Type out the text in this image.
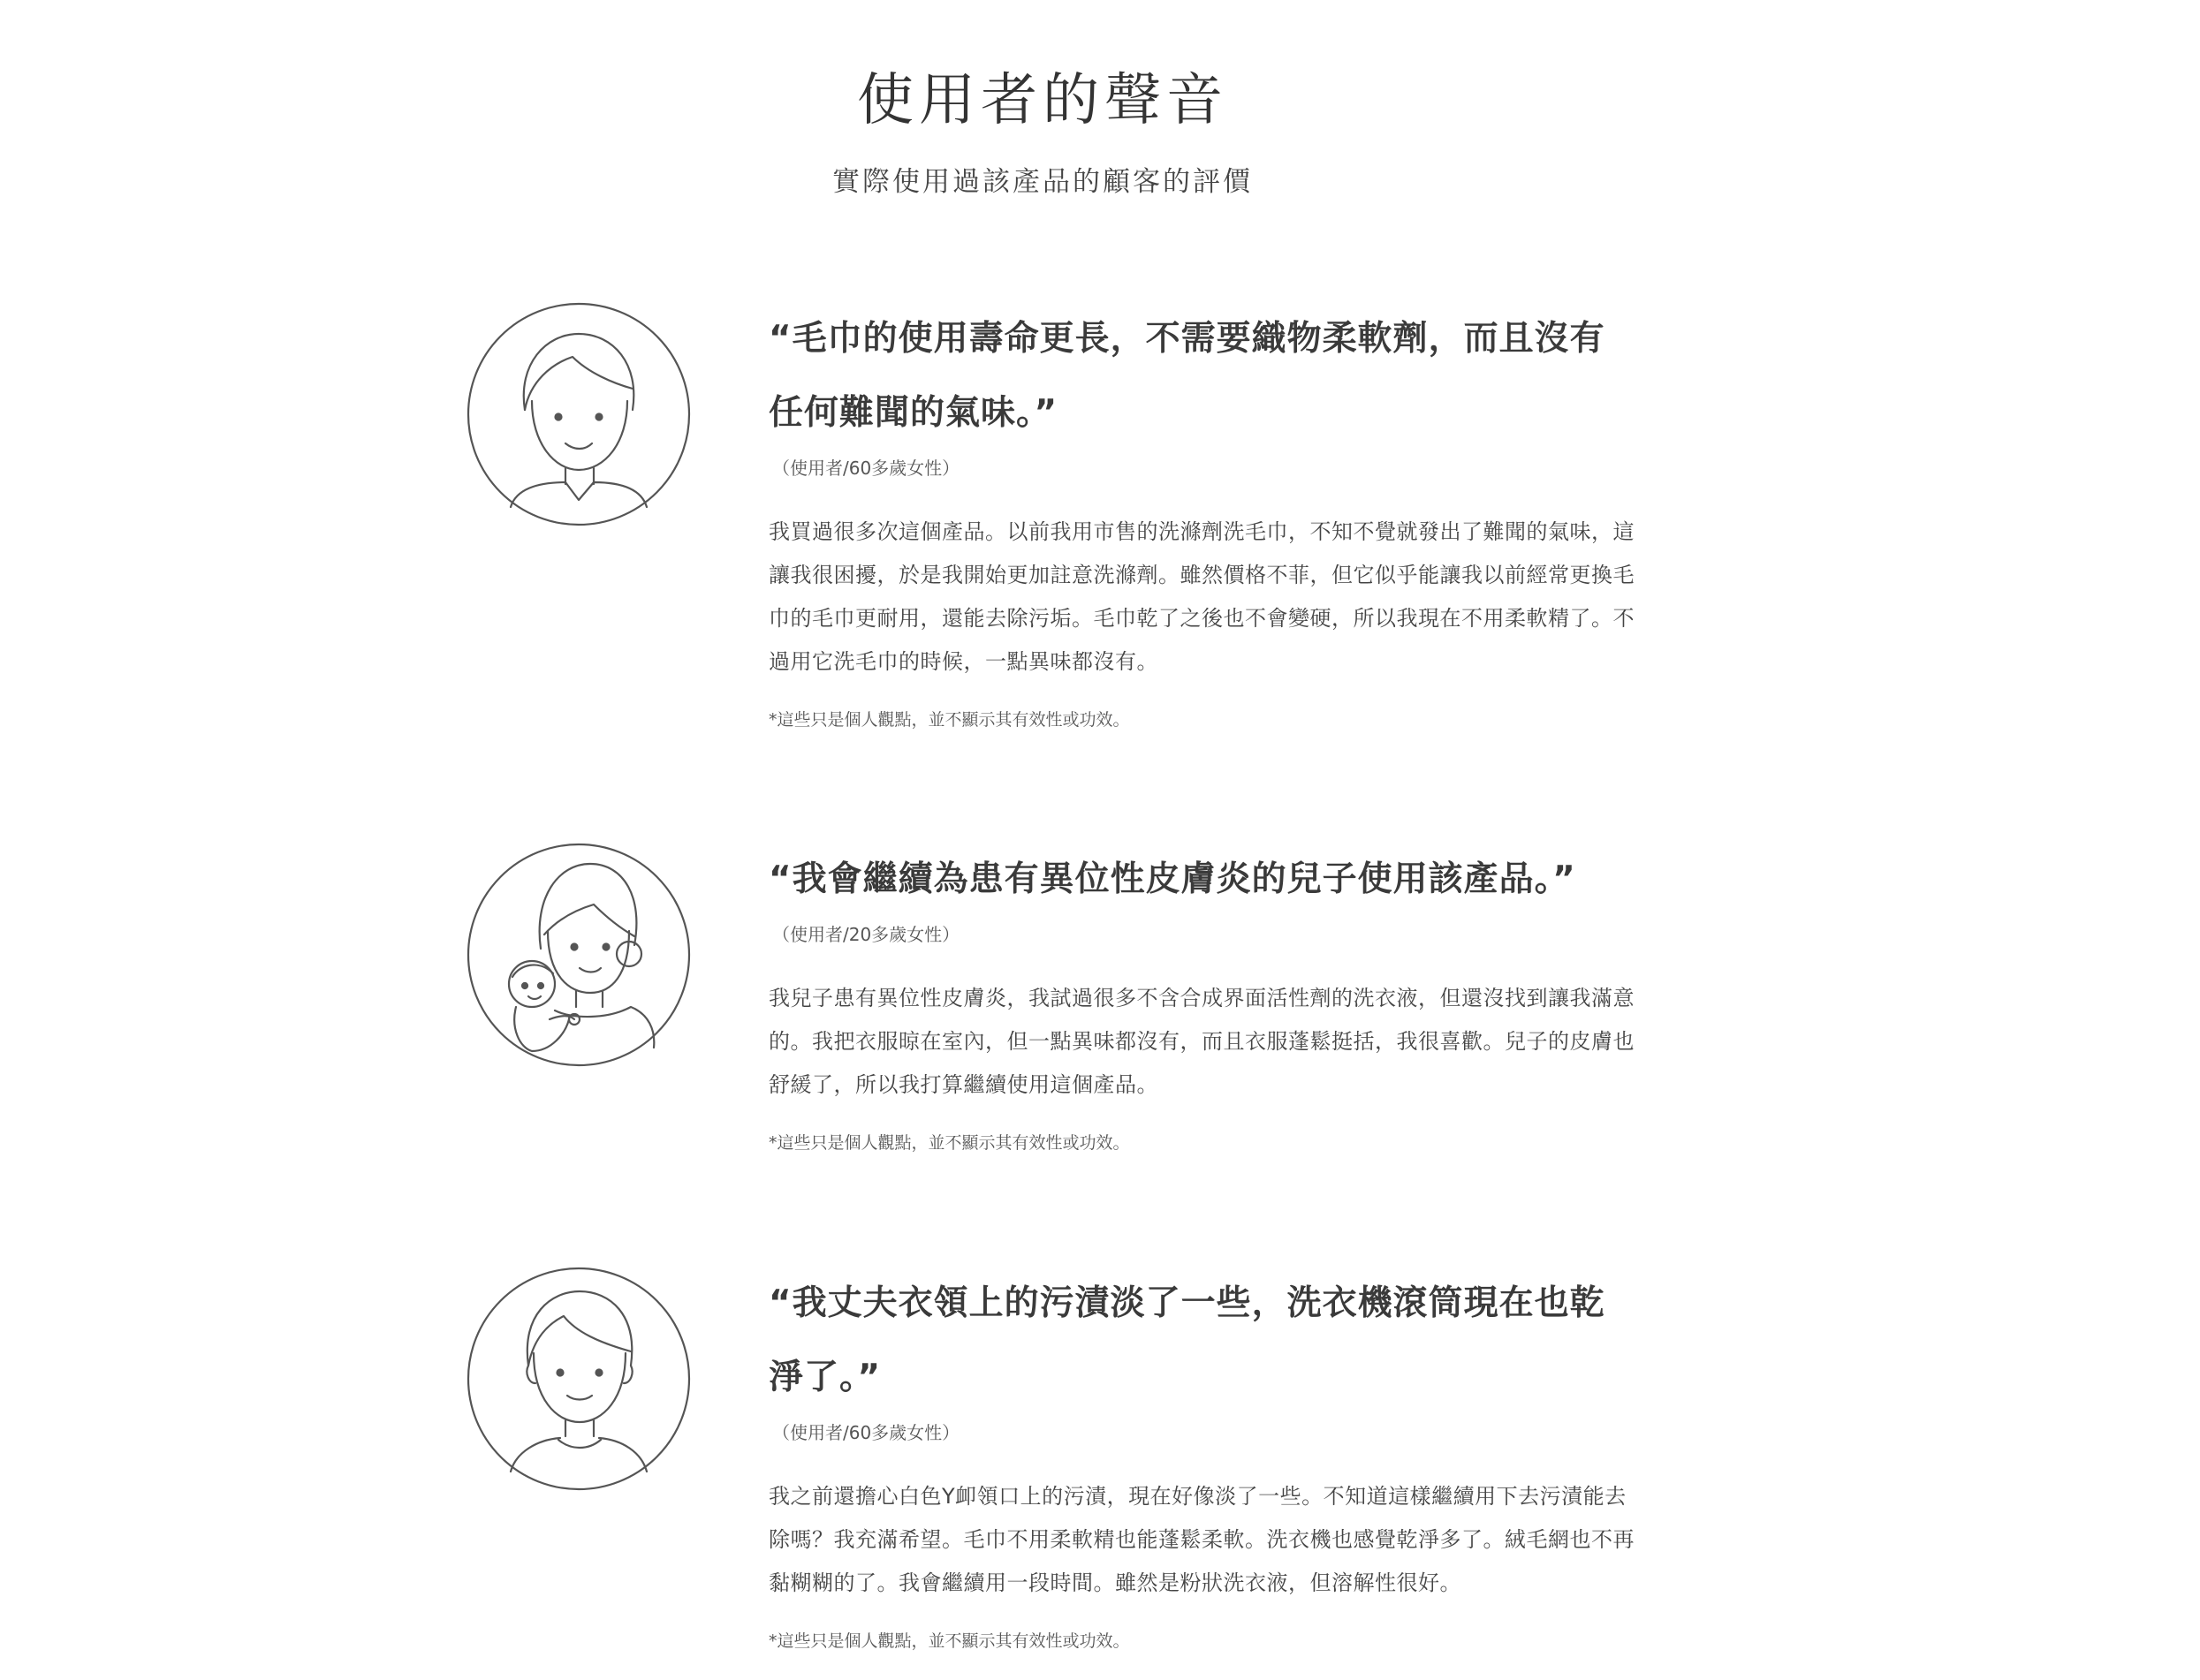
使用者的聲音

實際使用過該產品的顧客的評價

“毛巾的使用壽命更長，不需要織物柔軟劑，而且沒有任何難聞的氣味。”

（使用者/60多歲女性）

我買過很多次這個產品。以前我用市售的洗滌劑洗毛巾，不知不覺就發出了難聞的氣味，這讓我很困擾，於是我開始更加註意洗滌劑。雖然價格不菲，但它似乎能讓我以前經常更換毛巾的毛巾更耐用，還能去除污垢。毛巾乾了之後也不會變硬，所以我現在不用柔軟精了。不過用它洗毛巾的時候，一點異味都沒有。

*這些只是個人觀點，並不顯示其有效性或功效。

“我會繼續為患有異位性皮膚炎的兒子使用該產品。”

（使用者/20多歲女性）

我兒子患有異位性皮膚炎，我試過很多不含合成界面活性劑的洗衣液，但還沒找到讓我滿意的。我把衣服晾在室內，但一點異味都沒有，而且衣服蓬鬆挺括，我很喜歡。兒子的皮膚也舒緩了，所以我打算繼續使用這個產品。

*這些只是個人觀點，並不顯示其有效性或功效。

“我丈夫衣領上的污漬淡了一些，洗衣機滾筒現在也乾淨了。”

（使用者/60多歲女性）

我之前還擔心白色Y卹領口上的污漬，現在好像淡了一些。不知道這樣繼續用下去污漬能去除嗎？我充滿希望。毛巾不用柔軟精也能蓬鬆柔軟。洗衣機也感覺乾淨多了。絨毛網也不再黏糊糊的了。我會繼續用一段時間。雖然是粉狀洗衣液，但溶解性很好。

*這些只是個人觀點，並不顯示其有效性或功效。
